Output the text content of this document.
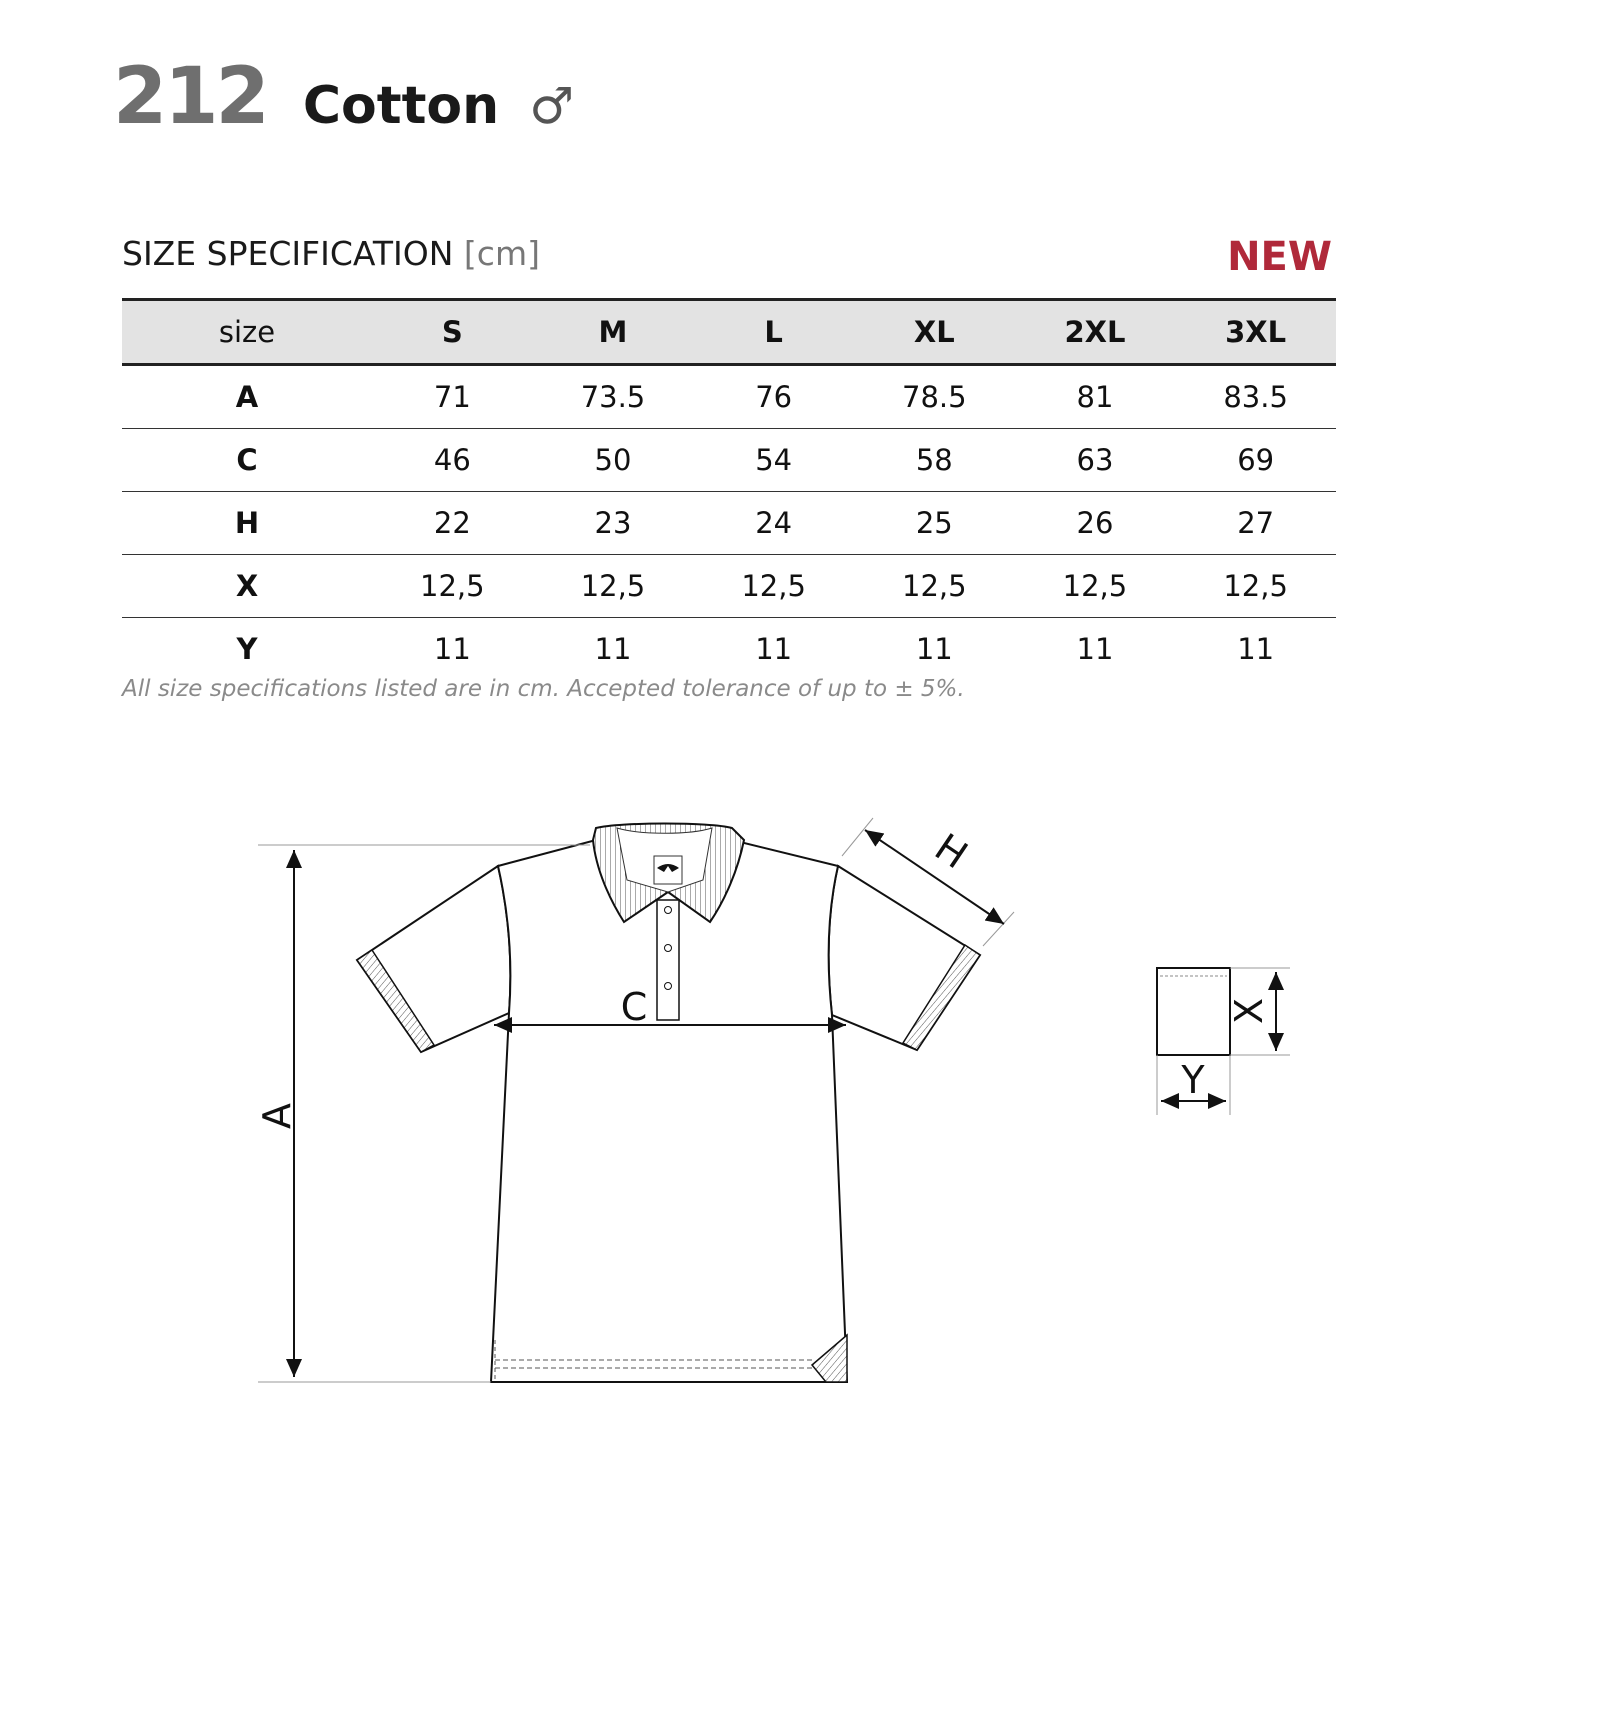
212 Cotton ♂
SIZE SPECIFICATION [cm]	NEW
size	S	M	L	XL	2XL	3XL
A	71	73.5	76	78.5	81	83.5
C	46	50	54	58	63	69
H	22	23	24	25	26	27
X	12,5	12,5	12,5	12,5	12,5	12,5
Y	11	11	11	11	11	11
All size specifications listed are in cm. Accepted tolerance of up to ± 5%.
A
C
H
X
Y
